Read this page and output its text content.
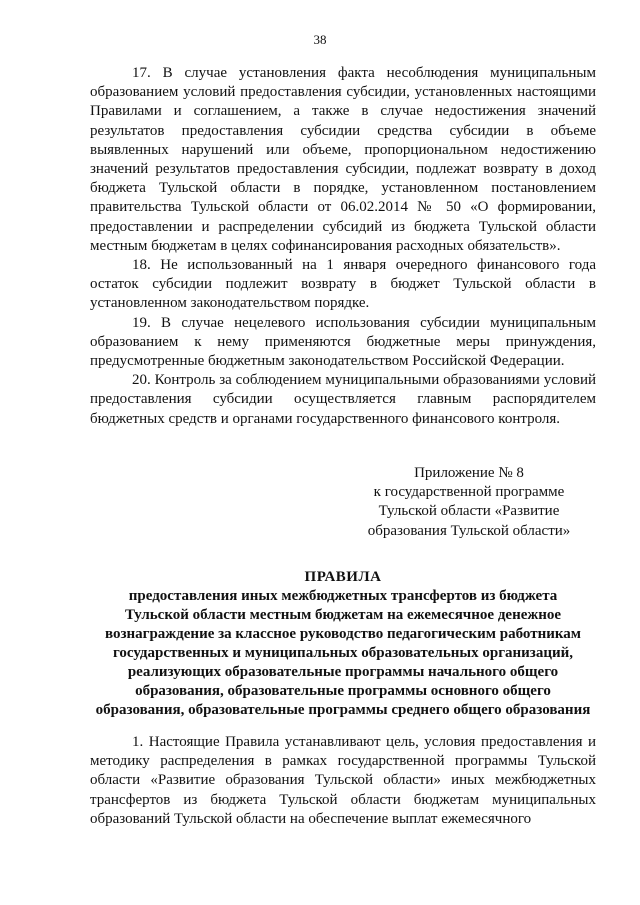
38

17. В случае установления факта несоблюдения муниципальным образованием условий предоставления субсидии, установленных настоящими Правилами и соглашением, а также в случае недостижения значений результатов предоставления субсидии средства субсидии в объеме выявленных нарушений или объеме, пропорциональном недостижению значений результатов предоставления субсидии, подлежат возврату в доход бюджета Тульской области в порядке, установленном постановлением правительства Тульской области от 06.02.2014 № 50 «О формировании, предоставлении и распределении субсидий из бюджета Тульской области местным бюджетам в целях софинансирования расходных обязательств».

18. Не использованный на 1 января очередного финансового года остаток субсидии подлежит возврату в бюджет Тульской области в установленном законодательством порядке.

19. В случае нецелевого использования субсидии муниципальным образованием к нему применяются бюджетные меры принуждения, предусмотренные бюджетным законодательством Российской Федерации.

20. Контроль за соблюдением муниципальными образованиями условий предоставления субсидии осуществляется главным распорядителем бюджетных средств и органами государственного финансового контроля.

Приложение № 8
к государственной программе
Тульской области «Развитие
образования Тульской области»
ПРАВИЛА
предоставления иных межбюджетных трансфертов из бюджета
Тульской области местным бюджетам на ежемесячное денежное
вознаграждение за классное руководство педагогическим работникам
государственных и муниципальных образовательных организаций,
реализующих образовательные программы начального общего
образования, образовательные программы основного общего
образования, образовательные программы среднего общего образования

1. Настоящие Правила устанавливают цель, условия предоставления и методику распределения в рамках государственной программы Тульской области «Развитие образования Тульской области» иных межбюджетных трансфертов из бюджета Тульской области бюджетам муниципальных образований Тульской области на обеспечение выплат ежемесячного
